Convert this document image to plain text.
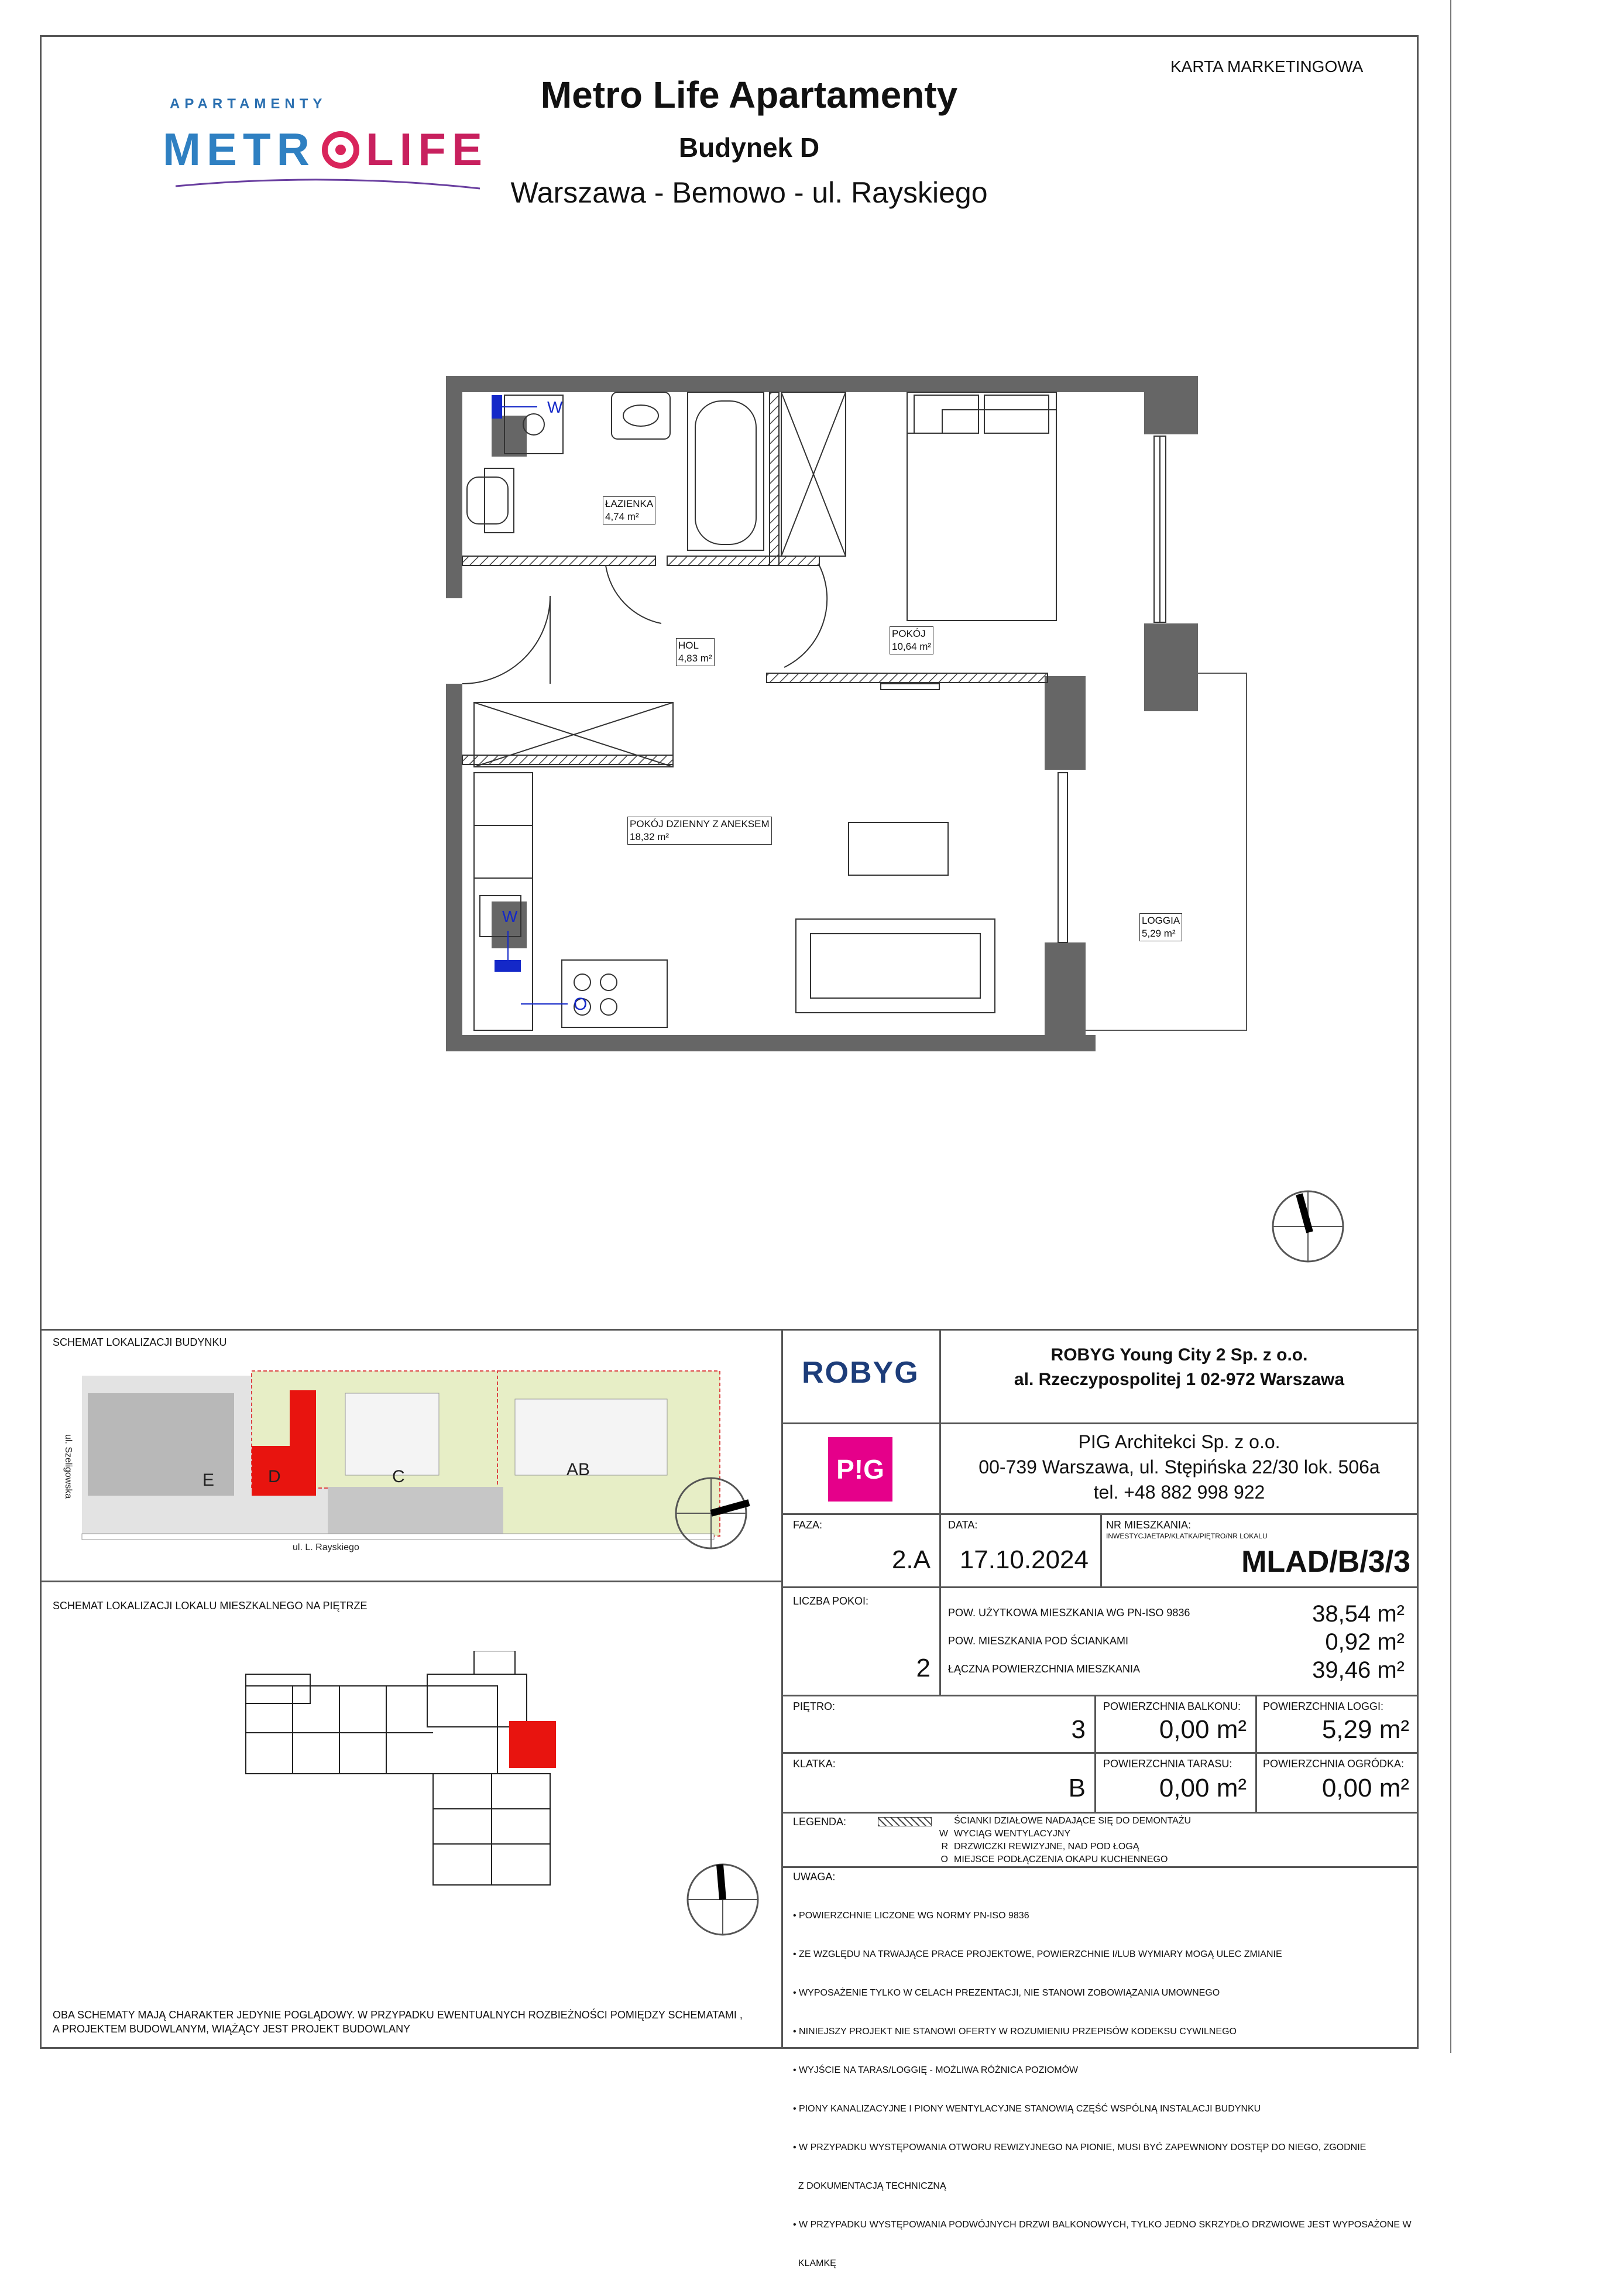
KARTA MARKETINGOWA
APARTAMENTY
METR LIFE
Metro Life Apartamenty
Budynek D
Warszawa - Bemowo - ul. Rayskiego
W
W
O
ŁAZIENKA
4,74 m²
HOL
4,83 m²
POKÓJ
10,64 m²
POKÓJ DZIENNY Z ANEKSEM
18,32 m²
LOGGIA
5,29 m²
SCHEMAT LOKALIZACJI BUDYNKU
E	D	C	AB
ul. L. Rayskiego
ul. Szeligowska
SCHEMAT LOKALIZACJI LOKALU MIESZKALNEGO NA PIĘTRZE
OBA SCHEMATY MAJĄ CHARAKTER JEDYNIE POGLĄDOWY. W PRZYPADKU EWENTUALNYCH ROZBIEŻNOŚCI POMIĘDZY SCHEMATAMI ,
A PROJEKTEM BUDOWLANYM, WIĄŻĄCY JEST PROJEKT BUDOWLANY
ROBYG
ROBYG Young City 2 Sp. z o.o.
al. Rzeczypospolitej 1 02-972 Warszawa
P!G
PIG Architekci Sp. z o.o.
00-739 Warszawa, ul. Stępińska 22/30 lok. 506a
tel. +48 882 998 922
FAZA:
2.A
DATA:
17.10.2024
NR MIESZKANIA:
INWESTYCJAETAP/KLATKA/PIĘTRO/NR LOKALU
MLAD/B/3/3
LICZBA POKOI:
2
POW. UŻYTKOWA MIESZKANIA WG PN-ISO 9836	38,54 m²
POW. MIESZKANIA POD ŚCIANKAMI	0,92 m²
ŁĄCZNA POWIERZCHNIA MIESZKANIA	39,46 m²
PIĘTRO:
3
POWIERZCHNIA BALKONU:
0,00 m²
POWIERZCHNIA LOGGI:
5,29 m²
KLATKA:
B
POWIERZCHNIA TARASU:
0,00 m²
POWIERZCHNIA OGRÓDKA:
0,00 m²
LEGENDA:	ŚCIANKI DZIAŁOWE NADAJĄCE SIĘ DO DEMONTAŻU
W WYCIĄG WENTYLACYJNY
R DRZWICZKI REWIZYJNE, NAD POD ŁOGĄ
O MIEJSCE PODŁĄCZENIA OKAPU KUCHENNEGO
UWAGA:

• POWIERZCHNIE LICZONE WG NORMY PN-ISO 9836

• ZE WZGLĘDU NA TRWAJĄCE PRACE PROJEKTOWE, POWIERZCHNIE I/LUB WYMIARY MOGĄ ULEC ZMIANIE

• WYPOSAŻENIE TYLKO W CELACH PREZENTACJI, NIE STANOWI ZOBOWIĄZANIA UMOWNEGO

• NINIEJSZY PROJEKT NIE STANOWI OFERTY W ROZUMIENIU PRZEPISÓW KODEKSU CYWILNEGO

• WYJŚCIE NA TARAS/LOGGIĘ - MOŻLIWA RÓŻNICA POZIOMÓW

• PIONY KANALIZACYJNE I PIONY WENTYLACYJNE STANOWIĄ CZĘŚĆ WSPÓLNĄ INSTALACJI BUDYNKU

• W PRZYPADKU WYSTĘPOWANIA OTWORU REWIZYJNEGO NA PIONIE, MUSI BYĆ ZAPEWNIONY DOSTĘP DO NIEGO, ZGODNIE

Z DOKUMENTACJĄ TECHNICZNĄ

• W PRZYPADKU WYSTĘPOWANIA PODWÓJNYCH DRZWI BALKONOWYCH, TYLKO JEDNO SKRZYDŁO DRZWIOWE JEST WYPOSAŻONE W

KLAMKĘ
